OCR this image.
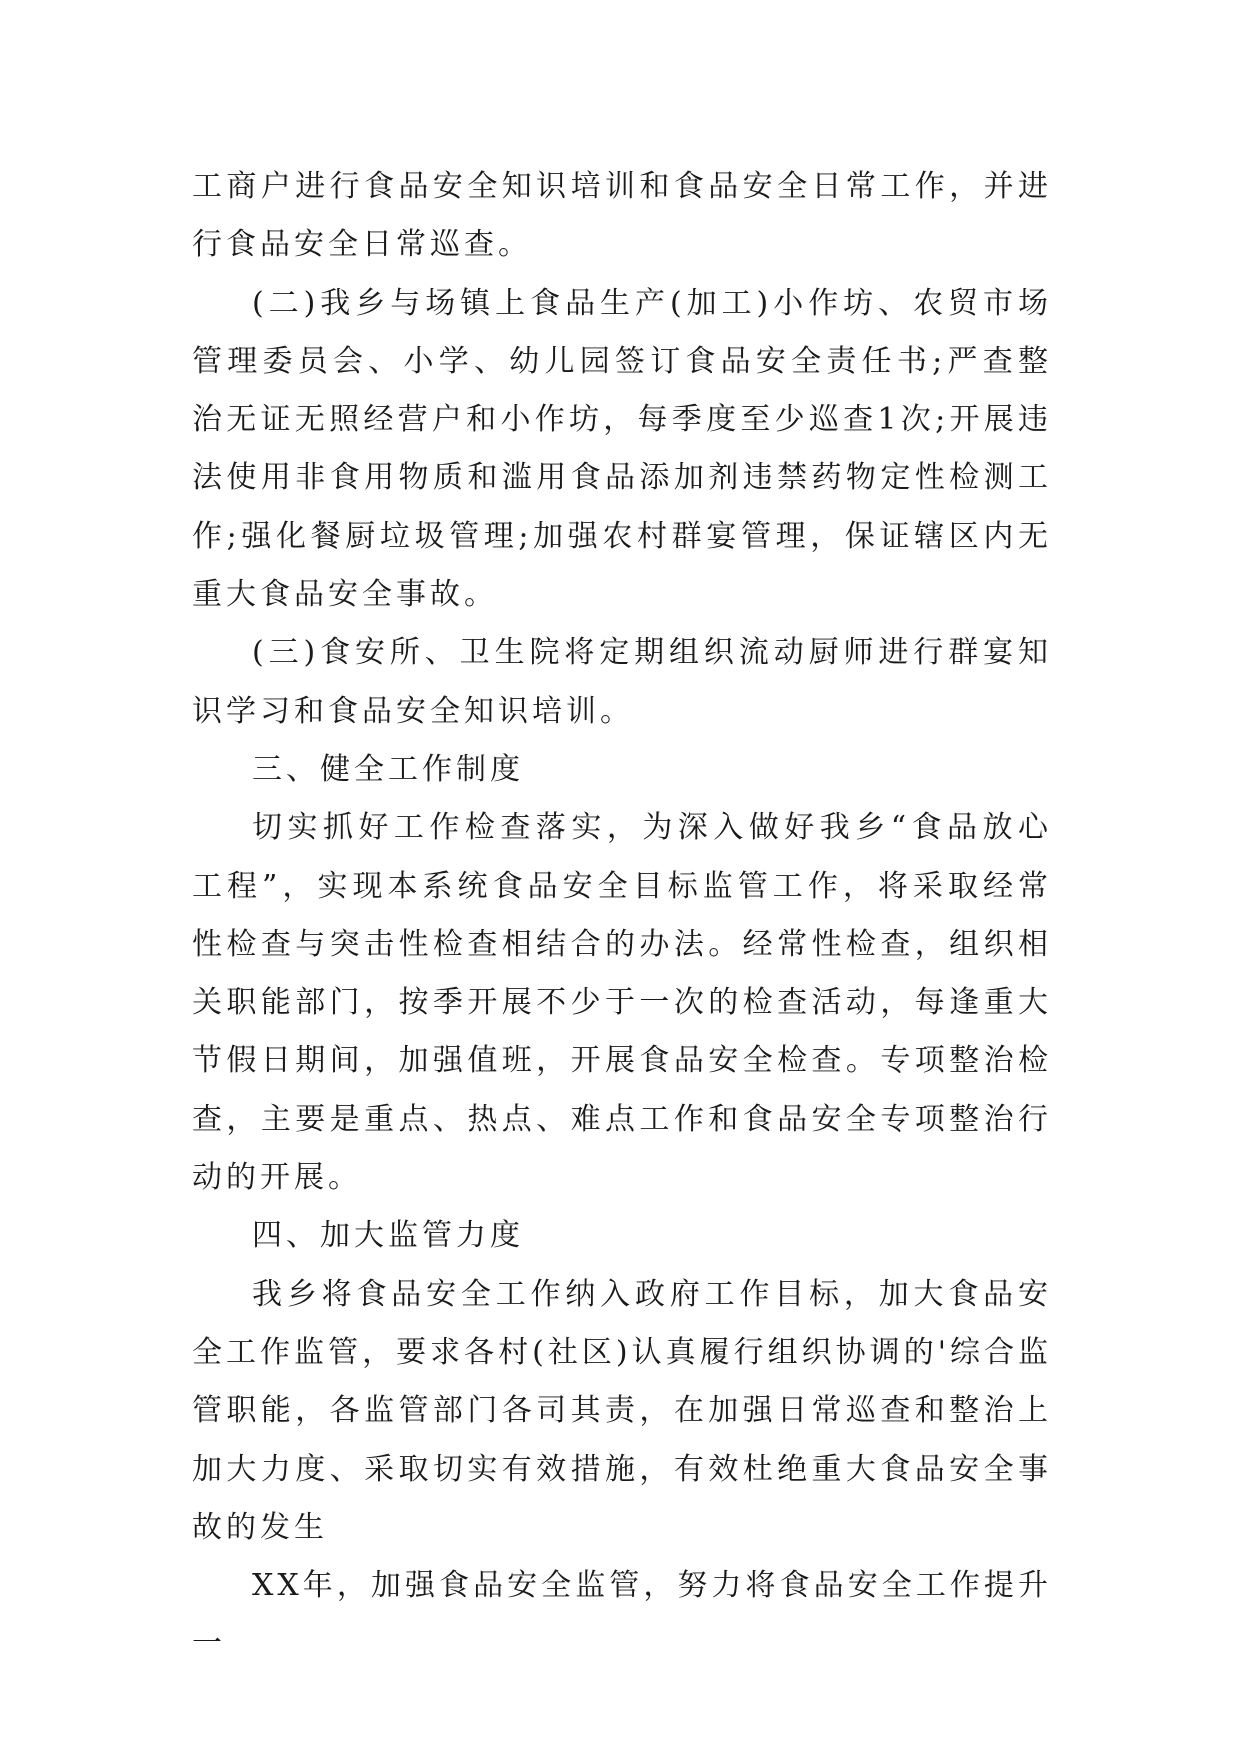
工商户进行食品安全知识培训和食品安全日常工作，并进行食品安全日常巡查。

(二)我乡与场镇上食品生产(加工)小作坊、农贸市场管理委员会、小学、幼儿园签订食品安全责任书;严查整治无证无照经营户和小作坊，每季度至少巡查1次;开展违法使用非食用物质和滥用食品添加剂违禁药物定性检测工作;强化餐厨垃圾管理;加强农村群宴管理，保证辖区内无重大食品安全事故。

(三)食安所、卫生院将定期组织流动厨师进行群宴知识学习和食品安全知识培训。

三、健全工作制度

切实抓好工作检查落实，为深入做好我乡“食品放心工程”，实现本系统食品安全目标监管工作，将采取经常性检查与突击性检查相结合的办法。经常性检查，组织相关职能部门，按季开展不少于一次的检查活动，每逢重大节假日期间，加强值班，开展食品安全检查。专项整治检查，主要是重点、热点、难点工作和食品安全专项整治行动的开展。

四、加大监管力度

我乡将食品安全工作纳入政府工作目标，加大食品安全工作监管，要求各村(社区)认真履行组织协调的'综合监管职能，各监管部门各司其责，在加强日常巡查和整治上加大力度、采取切实有效措施，有效杜绝重大食品安全事故的发生

XX年，加强食品安全监管，努力将食品安全工作提升一
